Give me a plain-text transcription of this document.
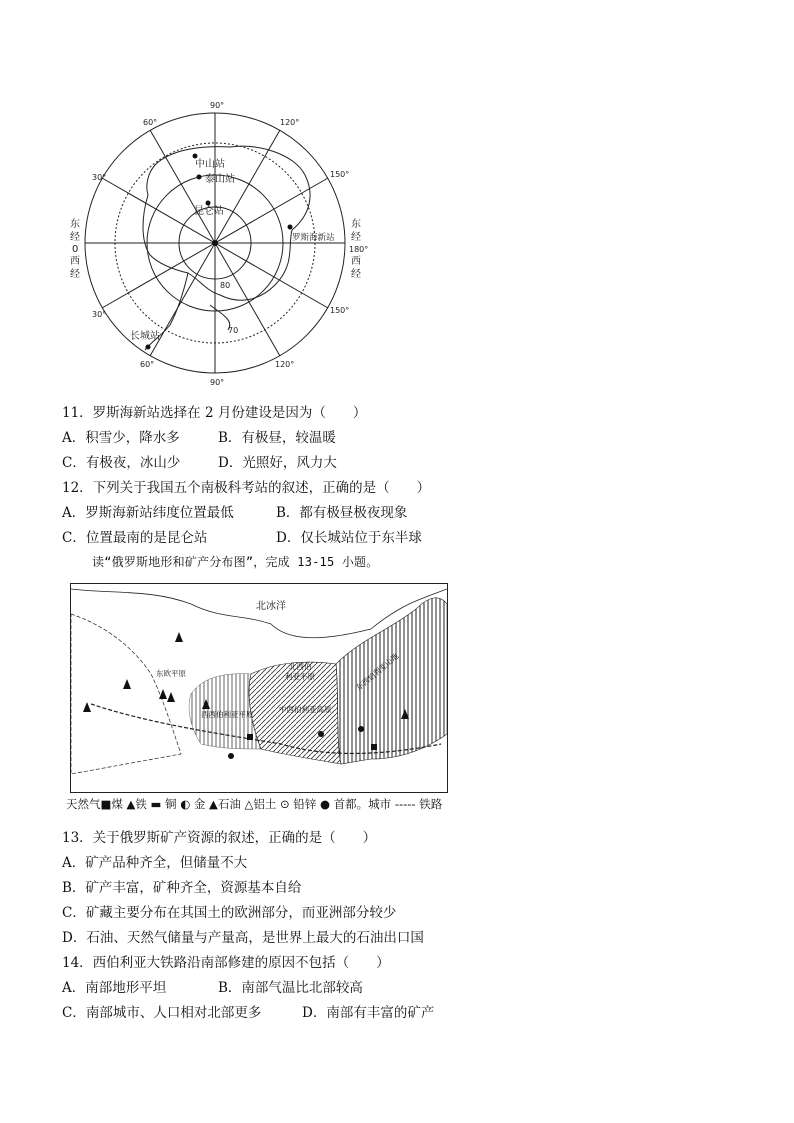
90°
60°	120°
30°	150°
30°	150°
60°
90°
120°
80
70
东
经
0
西
经
东
经
180°
西
经
中山站
泰山站
昆仑站
罗斯海新站
长城站
11．罗斯海新站选择在 2 月份建设是因为（　　）
A．积雪少，降水多	B．有极昼，较温暖
C．有极夜，冰山少	D．光照好，风力大
12．下列关于我国五个南极科考站的叙述，正确的是（　　）
A．罗斯海新站纬度位置最低	B．都有极昼极夜现象
C．位置最南的是昆仑站	D．仅长城站位于东半球
读“俄罗斯地形和矿产分布图”，完成 13-15 小题。
北冰洋
东欧平原
西西伯利亚平原
北西伯
利亚平原
中西伯利亚高原
东西伯利亚山地
天然气■煤 ▲铁 ▬ 铜 ◐ 金 ▲石油 △铝土 ⊙ 铅锌 ● 首都。城市 ----- 铁路
13．关于俄罗斯矿产资源的叙述，正确的是（　　）
A．矿产品种齐全，但储量不大
B．矿产丰富，矿种齐全，资源基本自给
C．矿藏主要分布在其国土的欧洲部分，而亚洲部分较少
D．石油、天然气储量与产量高，是世界上最大的石油出口国
14．西伯利亚大铁路沿南部修建的原因不包括（　　）
A．南部地形平坦	B．南部气温比北部较高
C．南部城市、人口相对北部更多	D．南部有丰富的矿产
